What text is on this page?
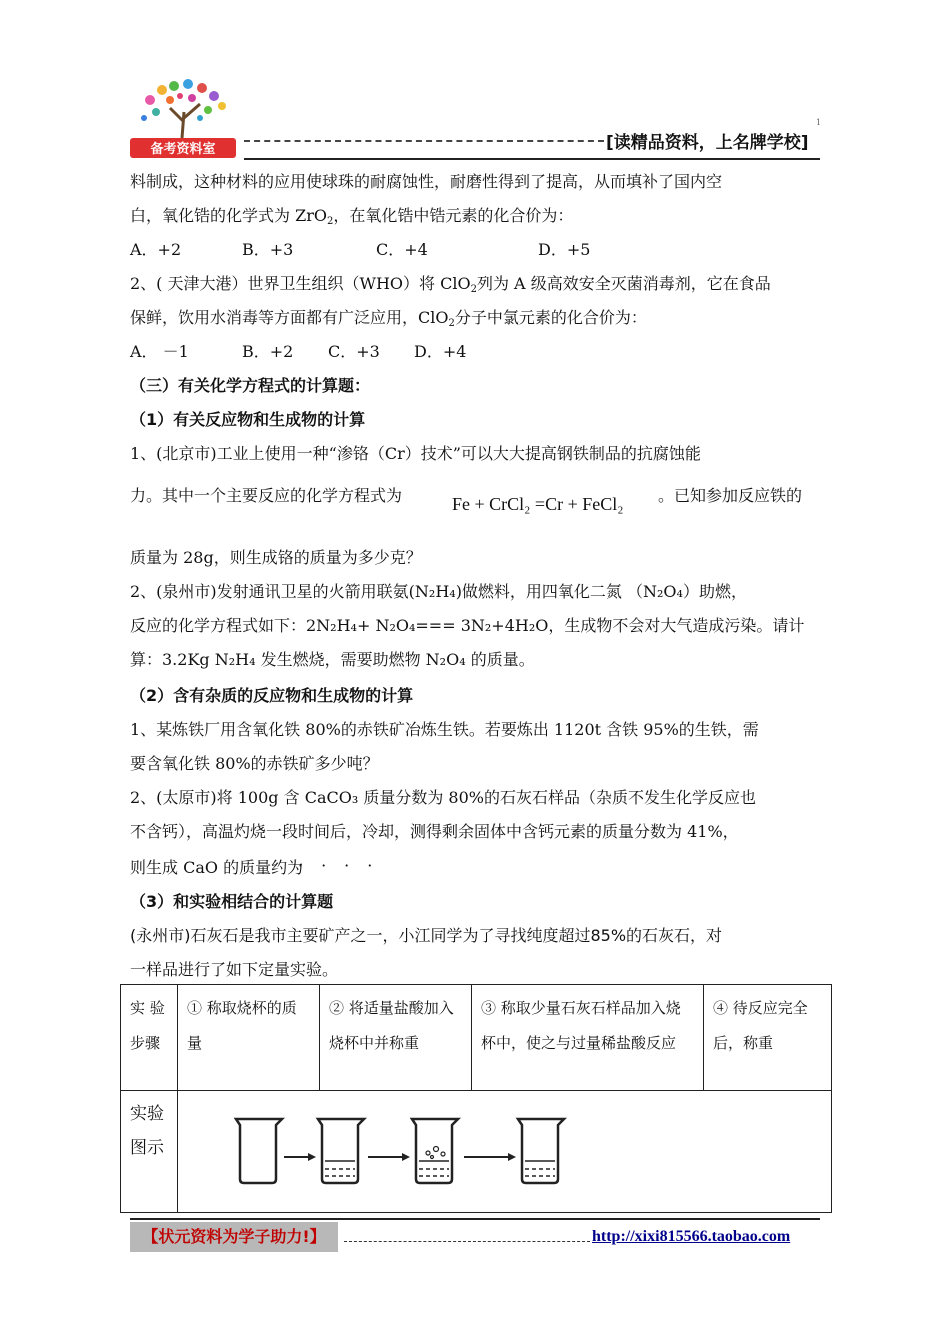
备考资料室	[读精品资料，上名牌学校]
1
料制成，这种材料的应用使球珠的耐腐蚀性，耐磨性得到了提高，从而填补了国内空
白，氧化锆的化学式为 ZrO$_2$，在氧化锆中锆元素的化合价为：
A．+2	B．+3	C．+4	D．+5
2、( 天津大港）世界卫生组织（WHO）将 ClO$_2$列为 A 级高效安全灭菌消毒剂，它在食品
保鲜，饮用水消毒等方面都有广泛应用，ClO$_2$分子中氯元素的化合价为：
A． －1	B．+2 C．+3 D．+4
（三）有关化学方程式的计算题：
（1）有关反应物和生成物的计算
1、(北京市)工业上使用一种“渗铬（Cr）技术”可以大大提高钢铁制品的抗腐蚀能
力。其中一个主要反应的化学方程式为	Fe + CrCl₂ =Cr + FeCl₂ 。已知参加反应铁的
质量为 28g，则生成铬的质量为多少克？
2、(泉州市)发射通讯卫星的火箭用联氨(N₂H₄)做燃料，用四氧化二氮 （N₂O₄）助燃，
反应的化学方程式如下：2N₂H₄+ N₂O₄=== 3N₂+4H₂O，生成物不会对大气造成污染。请计
算：3.2Kg N₂H₄ 发生燃烧，需要助燃物 N₂O₄ 的质量。
（2）含有杂质的反应物和生成物的计算
1、某炼铁厂用含氧化铁 80%的赤铁矿冶炼生铁。若要炼出 1120t 含铁 95%的生铁，需
要含氧化铁 80%的赤铁矿多少吨？
2、(太原市)将 100g 含 CaCO₃ 质量分数为 80%的石灰石样品（杂质不发生化学反应也
不含钙），高温灼烧一段时间后，冷却，测得剩余固体中含钙元素的质量分数为 41%，
····
则生成 CaO 的质量约为
（3）和实验相结合的计算题
(永州市)石灰石是我市主要矿产之一，小江同学为了寻找纯度超过85%的石灰石，对
一样品进行了如下定量实验。
实 验 步骤	① 称取烧杯的质量	② 将适量盐酸加入烧杯中并称重	③ 称取少量石灰石样品加入烧杯中，使之与过量稀盐酸反应	④ 待反应完全后，称重
实验图示	
【状元资料为学子助力!】	http://xixi815566.taobao.com
